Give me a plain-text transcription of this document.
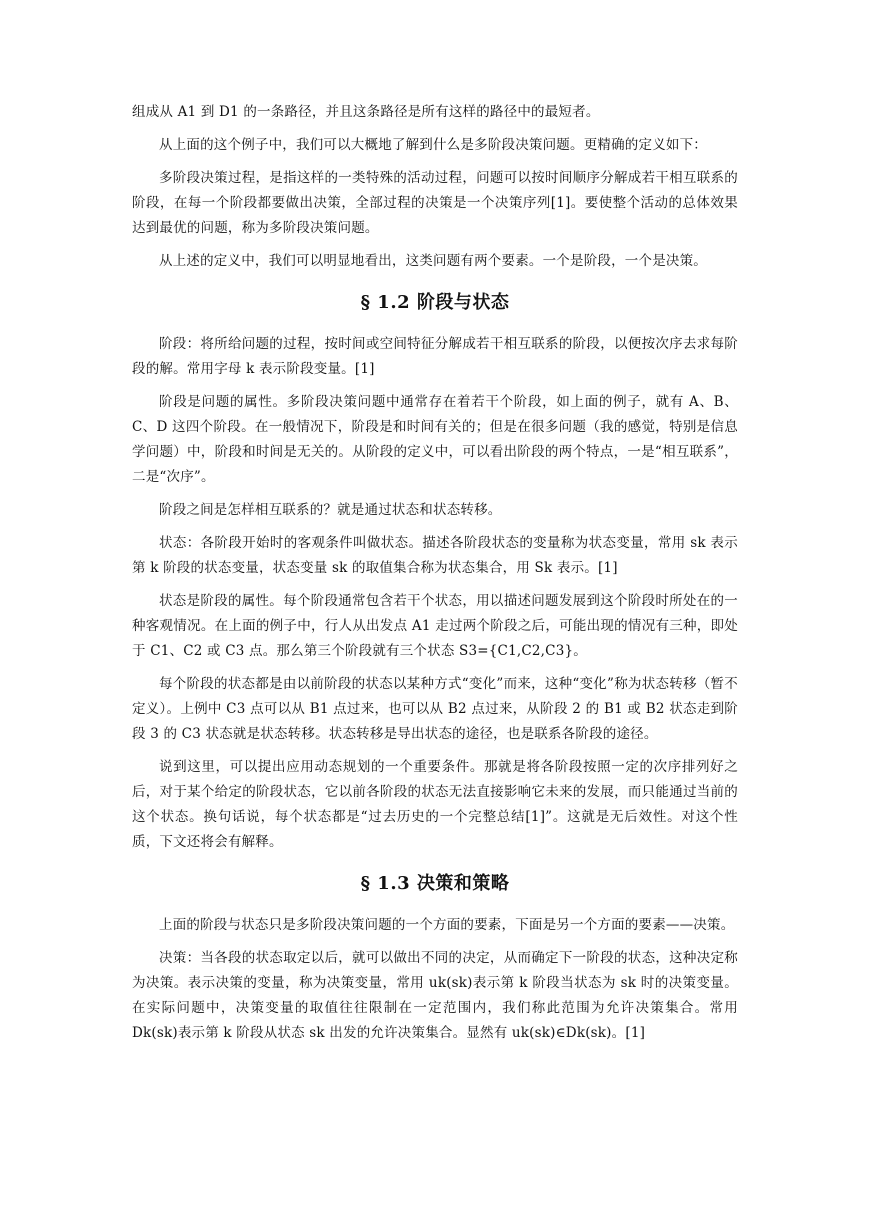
组成从 A1 到 D1 的一条路径，并且这条路径是所有这样的路径中的最短者。

从上面的这个例子中，我们可以大概地了解到什么是多阶段决策问题。更精确的定义如下：

多阶段决策过程，是指这样的一类特殊的活动过程，问题可以按时间顺序分解成若干相互联系的阶段，在每一个阶段都要做出决策，全部过程的决策是一个决策序列[1]。要使整个活动的总体效果达到最优的问题，称为多阶段决策问题。

从上述的定义中，我们可以明显地看出，这类问题有两个要素。一个是阶段，一个是决策。

§ 1.2 阶段与状态

阶段：将所给问题的过程，按时间或空间特征分解成若干相互联系的阶段，以便按次序去求每阶段的解。常用字母 k 表示阶段变量。[1]

阶段是问题的属性。多阶段决策问题中通常存在着若干个阶段，如上面的例子，就有 A、B、C、D 这四个阶段。在一般情况下，阶段是和时间有关的；但是在很多问题（我的感觉，特别是信息学问题）中，阶段和时间是无关的。从阶段的定义中，可以看出阶段的两个特点，一是“相互联系”，二是“次序”。

阶段之间是怎样相互联系的？就是通过状态和状态转移。

状态：各阶段开始时的客观条件叫做状态。描述各阶段状态的变量称为状态变量，常用 sk 表示第 k 阶段的状态变量，状态变量 sk 的取值集合称为状态集合，用 Sk 表示。[1]

状态是阶段的属性。每个阶段通常包含若干个状态，用以描述问题发展到这个阶段时所处在的一种客观情况。在上面的例子中，行人从出发点 A1 走过两个阶段之后，可能出现的情况有三种，即处于 C1、C2 或 C3 点。那么第三个阶段就有三个状态 S3={C1,C2,C3}。

每个阶段的状态都是由以前阶段的状态以某种方式“变化”而来，这种“变化”称为状态转移（暂不定义）。上例中 C3 点可以从 B1 点过来，也可以从 B2 点过来，从阶段 2 的 B1 或 B2 状态走到阶段 3 的 C3 状态就是状态转移。状态转移是导出状态的途径，也是联系各阶段的途径。

说到这里，可以提出应用动态规划的一个重要条件。那就是将各阶段按照一定的次序排列好之后，对于某个给定的阶段状态，它以前各阶段的状态无法直接影响它未来的发展，而只能通过当前的这个状态。换句话说，每个状态都是“过去历史的一个完整总结[1]”。这就是无后效性。对这个性质，下文还将会有解释。

§ 1.3 决策和策略

上面的阶段与状态只是多阶段决策问题的一个方面的要素，下面是另一个方面的要素——决策。

决策：当各段的状态取定以后，就可以做出不同的决定，从而确定下一阶段的状态，这种决定称为决策。表示决策的变量，称为决策变量，常用 uk(sk)表示第 k 阶段当状态为 sk 时的决策变量。在实际问题中，决策变量的取值往往限制在一定范围内，我们称此范围为允许决策集合。常用 Dk(sk)表示第 k 阶段从状态 sk 出发的允许决策集合。显然有 uk(sk)∈Dk(sk)。[1]
